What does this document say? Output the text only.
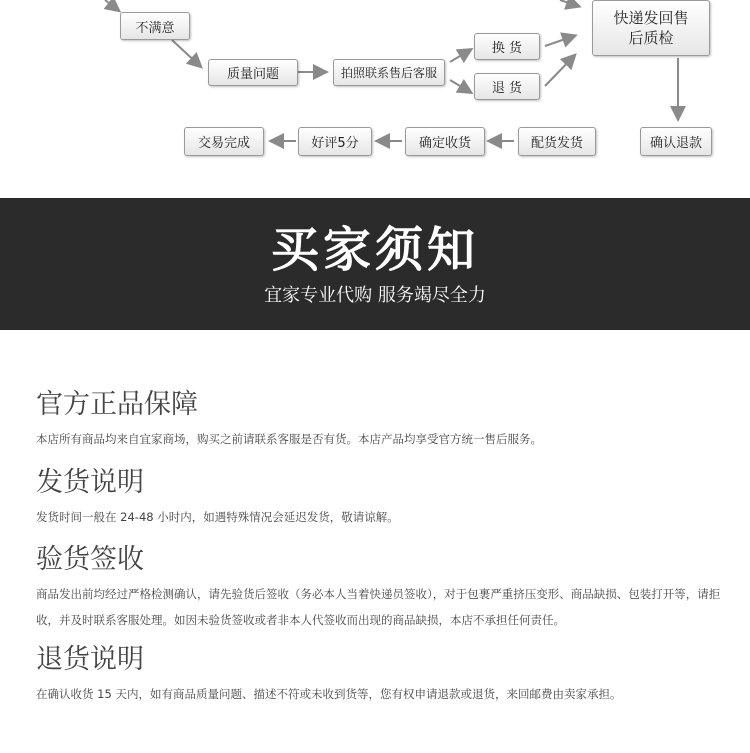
不满意
质量问题	拍照联系售后客服
换 货
退 货
快递发回售后质检
确认退款
配货发货
确定收货
好评5分
交易完成
买家须知
宜家专业代购 服务竭尽全力
官方正品保障

本店所有商品均来自宜家商场，购买之前请联系客服是否有货。本店产品均享受官方统一售后服务。

发货说明

发货时间一般在 24-48 小时内，如遇特殊情况会延迟发货，敬请谅解。

验货签收

商品发出前均经过严格检测确认，请先验货后签收（务必本人当着快递员签收），对于包裹严重挤压变形、商品缺损、包装打开等，请拒收，并及时联系客服处理。如因未验货签收或者非本人代签收而出现的商品缺损，本店不承担任何责任。

退货说明

在确认收货 15 天内，如有商品质量问题、描述不符或未收到货等，您有权申请退款或退货，来回邮费由卖家承担。
